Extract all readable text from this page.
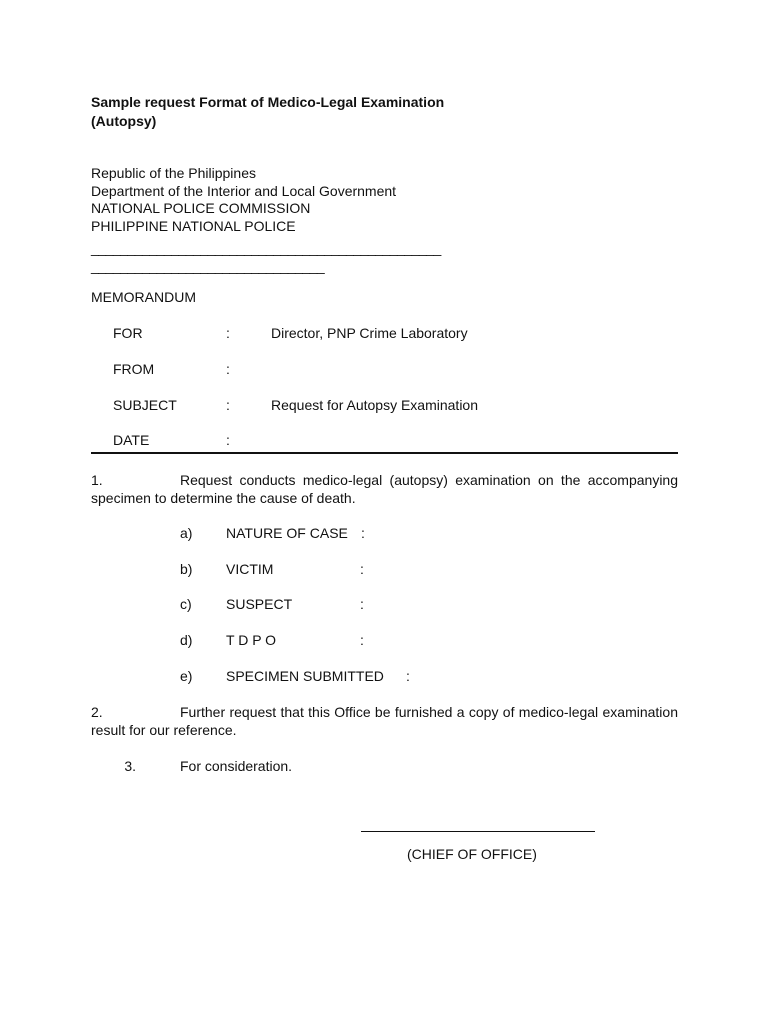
Sample request Format of Medico-Legal Examination
(Autopsy)
Republic of the Philippines
Department of the Interior and Local Government
NATIONAL POLICE COMMISSION
PHILIPPINE NATIONAL POLICE
________________________________________________
________________________________
MEMORANDUM
FOR	:	Director, PNP Crime Laboratory
FROM	:
SUBJECT	:	Request for Autopsy Examination
DATE	:
1.	Request conducts medico-legal (autopsy) examination on the accompanying specimen to determine the cause of death.
a) NATURE OF CASE :
b) VICTIM	:
c) SUSPECT	:
d) T D P O	:
e) SPECIMEN SUBMITTED :
2.	Further request that this Office be furnished a copy of medico-legal examination result for our reference.
3.	For consideration.
(CHIEF OF OFFICE)
